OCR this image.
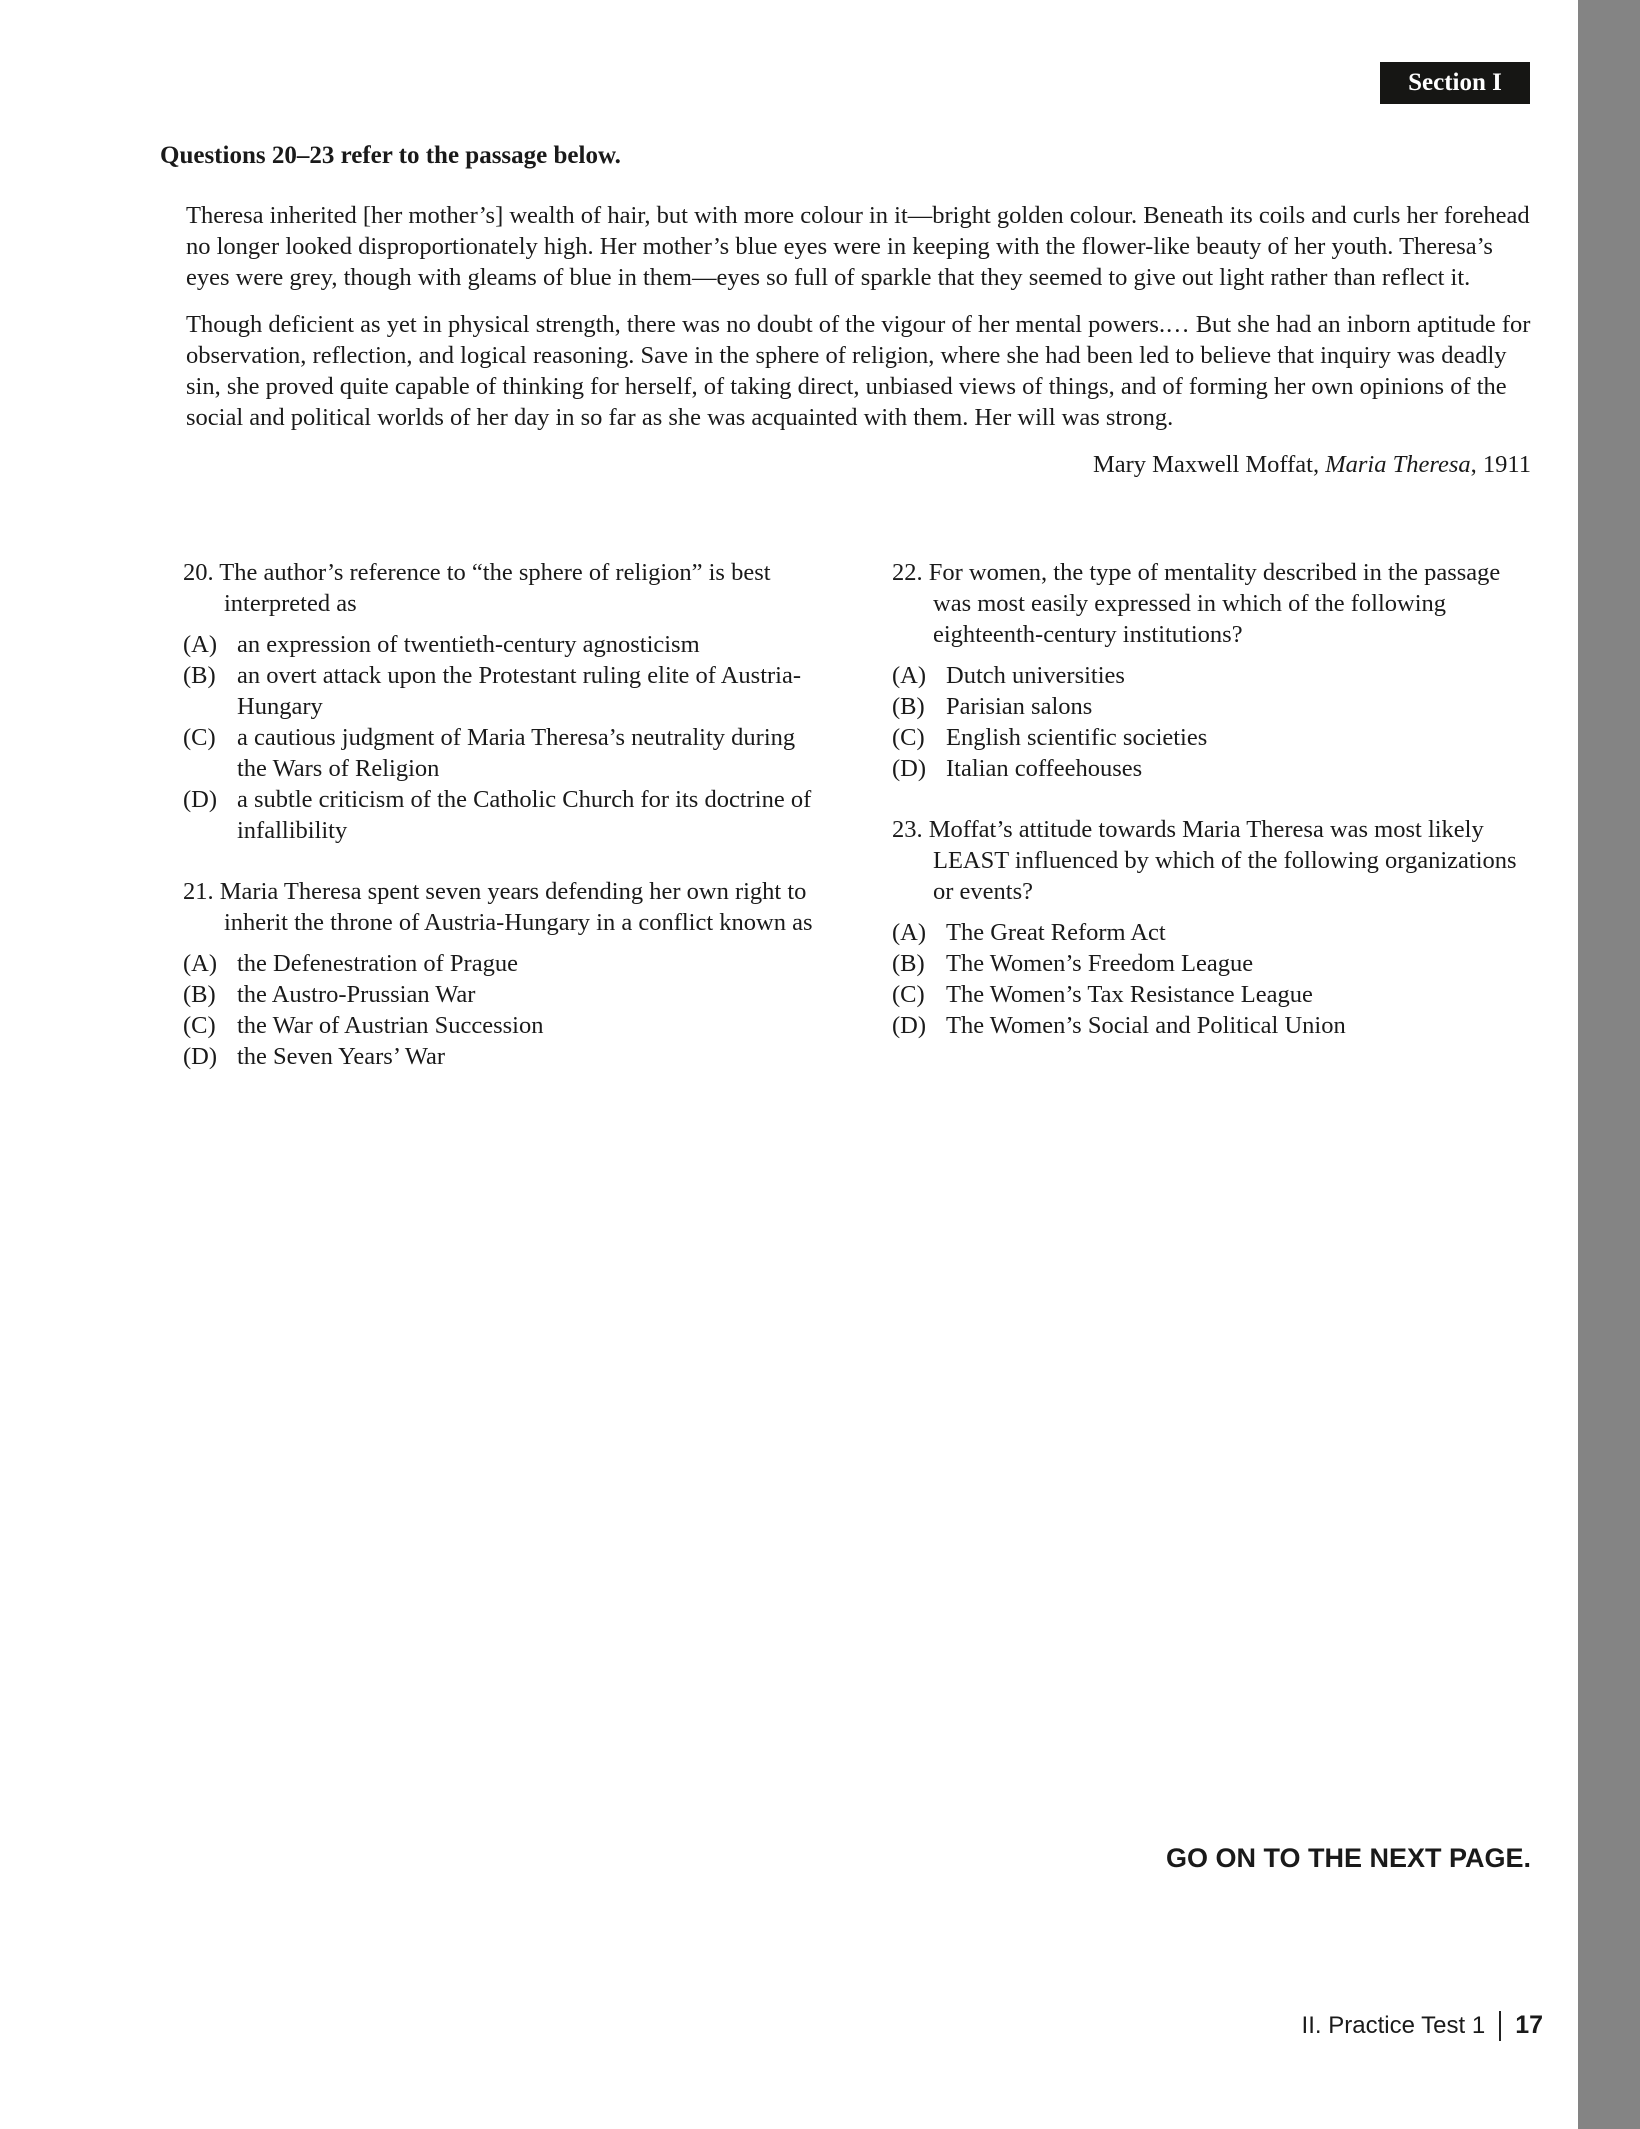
Section I
Questions 20–23 refer to the passage below.

Theresa inherited [her mother’s] wealth of hair, but with more colour in it—bright golden colour. Beneath its coils and curls her forehead no longer looked disproportionately high. Her mother’s blue eyes were in keeping with the flower-like beauty of her youth. Theresa’s eyes were grey, though with gleams of blue in them—eyes so full of sparkle that they seemed to give out light rather than reflect it.

Though deficient as yet in physical strength, there was no doubt of the vigour of her mental powers.… But she had an inborn aptitude for observation, reflection, and logical reasoning. Save in the sphere of religion, where she had been led to believe that inquiry was deadly sin, she proved quite capable of thinking for herself, of taking direct, unbiased views of things, and of forming her own opinions of the social and political worlds of her day in so far as she was acquainted with them. Her will was strong.

Mary Maxwell Moffat, Maria Theresa, 1911
20. The author’s reference to “the sphere of religion” is best interpreted as
(A) an expression of twentieth-century agnosticism
(B) an overt attack upon the Protestant ruling elite of Austria-Hungary
(C) a cautious judgment of Maria Theresa’s neutrality during the Wars of Religion
(D) a subtle criticism of the Catholic Church for its doctrine of infallibility
21. Maria Theresa spent seven years defending her own right to inherit the throne of Austria-Hungary in a conflict known as
(A) the Defenestration of Prague
(B) the Austro-Prussian War
(C) the War of Austrian Succession
(D) the Seven Years’ War
22. For women, the type of mentality described in the passage was most easily expressed in which of the following eighteenth-century institutions?
(A) Dutch universities
(B) Parisian salons
(C) English scientific societies
(D) Italian coffeehouses
23. Moffat’s attitude towards Maria Theresa was most likely LEAST influenced by which of the following organizations or events?
(A) The Great Reform Act
(B) The Women’s Freedom League
(C) The Women’s Tax Resistance League
(D) The Women’s Social and Political Union
GO ON TO THE NEXT PAGE.
II. Practice Test 1 17
